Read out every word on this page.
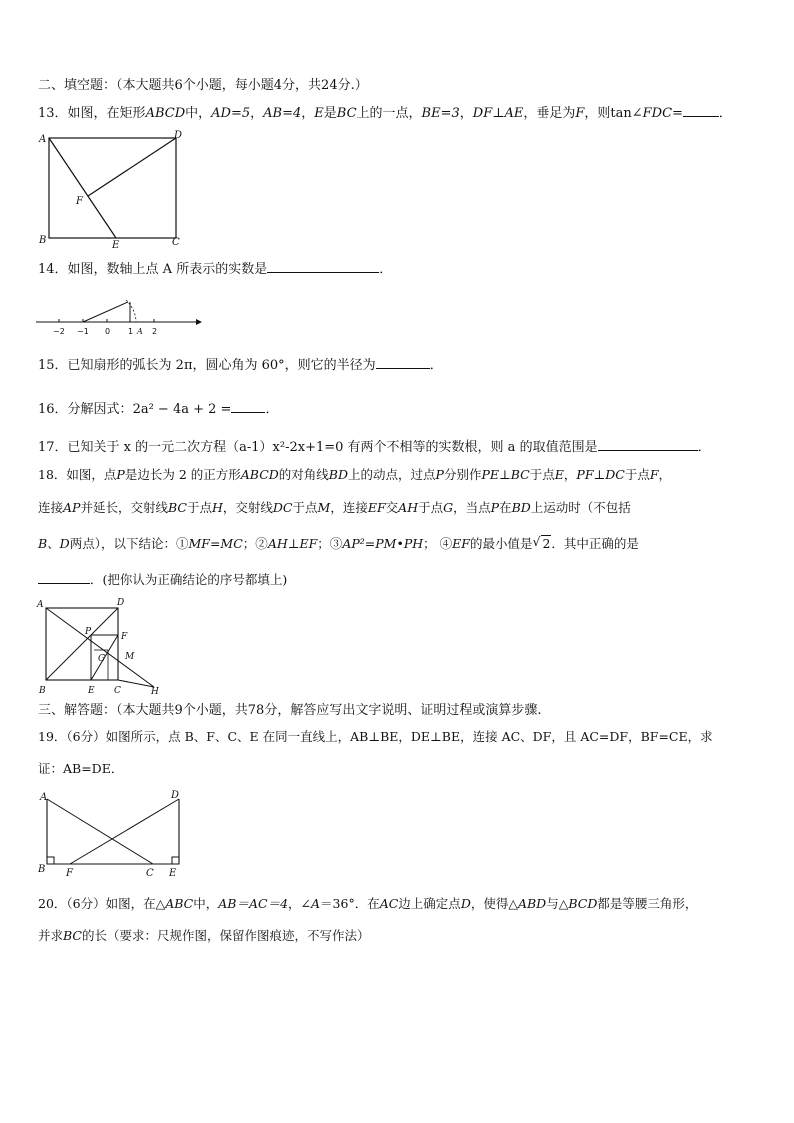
二、填空题：（本大题共6个小题，每小题4分，共24分.）
13．如图，在矩形ABCD中，AD=5，AB=4，E是BC上的一点，BE=3，DF⊥AE，垂足为F，则tan∠FDC=	．
A	D
B	C
E
F
14．如图，数轴上点 A 所表示的实数是	．
−2 −1 0 1 A 2
15．已知扇形的弧长为 2π，圆心角为 60°，则它的半径为	．
16．分解因式：2a² − 4a + 2 =	．
17．已知关于 x 的一元二次方程（a-1）x²-2x+1=0 有两个不相等的实数根，则 a 的取值范围是	．
18．如图，点P是边长为 2 的正方形ABCD的对角线BD上的动点，过点P分别作PE⊥BC于点E，PF⊥DC于点F，
连接AP并延长，交射线BC于点H，交射线DC于点M，连接EF交AH于点G，当点P在BD上运动时（不包括
B、D两点），以下结论：①MF=MC；②AH⊥EF；③AP²=PM•PH； ④EF的最小值是 √ 2．其中正确的是
．(把你认为正确结论的序号都填上)
A	D
B	E C	H
P	F
G M
三、解答题：（本大题共9个小题，共78分，解答应写出文字说明、证明过程或演算步骤.
19．（6分）如图所示，点 B、F、C、E 在同一直线上，AB⊥BE，DE⊥BE，连接 AC、DF，且 AC=DF，BF=CE，求
证：AB=DE．
A	D
B F	C E
20．（6分）如图，在△ABC中，AB＝AC＝4，∠A＝36°．在AC边上确定点D，使得△ABD与△BCD都是等腰三角形，
并求BC的长（要求：尺规作图，保留作图痕迹，不写作法）
